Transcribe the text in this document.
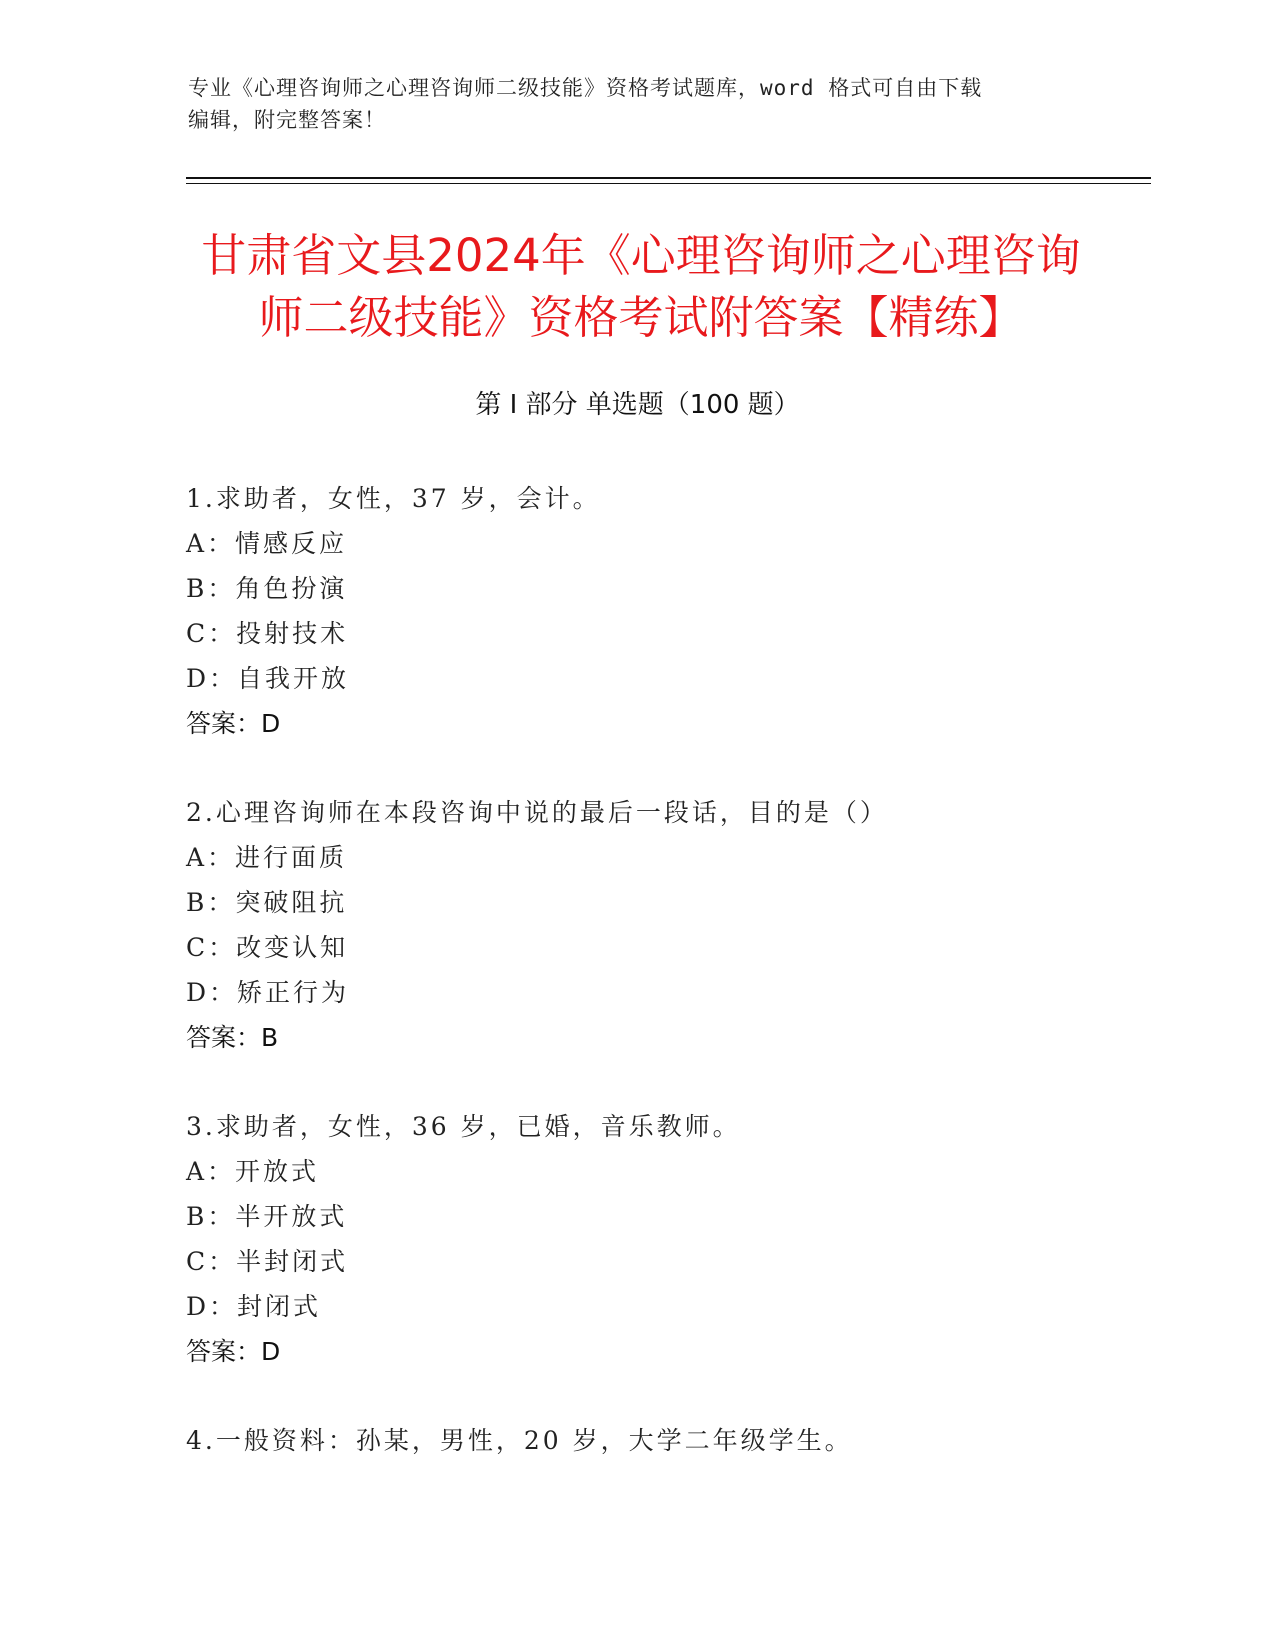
专业《心理咨询师之心理咨询师二级技能》资格考试题库，word 格式可自由下载
编辑，附完整答案！
甘肃省文县2024年《心理咨询师之心理咨询师二级技能》资格考试附答案【精练】
第 I 部分 单选题（100 题）
1.求助者，女性，37 岁，会计。
A：情感反应
B：角色扮演
C：投射技术
D：自我开放
答案：D
2.心理咨询师在本段咨询中说的最后一段话，目的是（）
A：进行面质
B：突破阻抗
C：改变认知
D：矫正行为
答案：B
3.求助者，女性，36 岁，已婚，音乐教师。
A：开放式
B：半开放式
C：半封闭式
D：封闭式
答案：D
4.一般资料：孙某，男性，20 岁，大学二年级学生。
